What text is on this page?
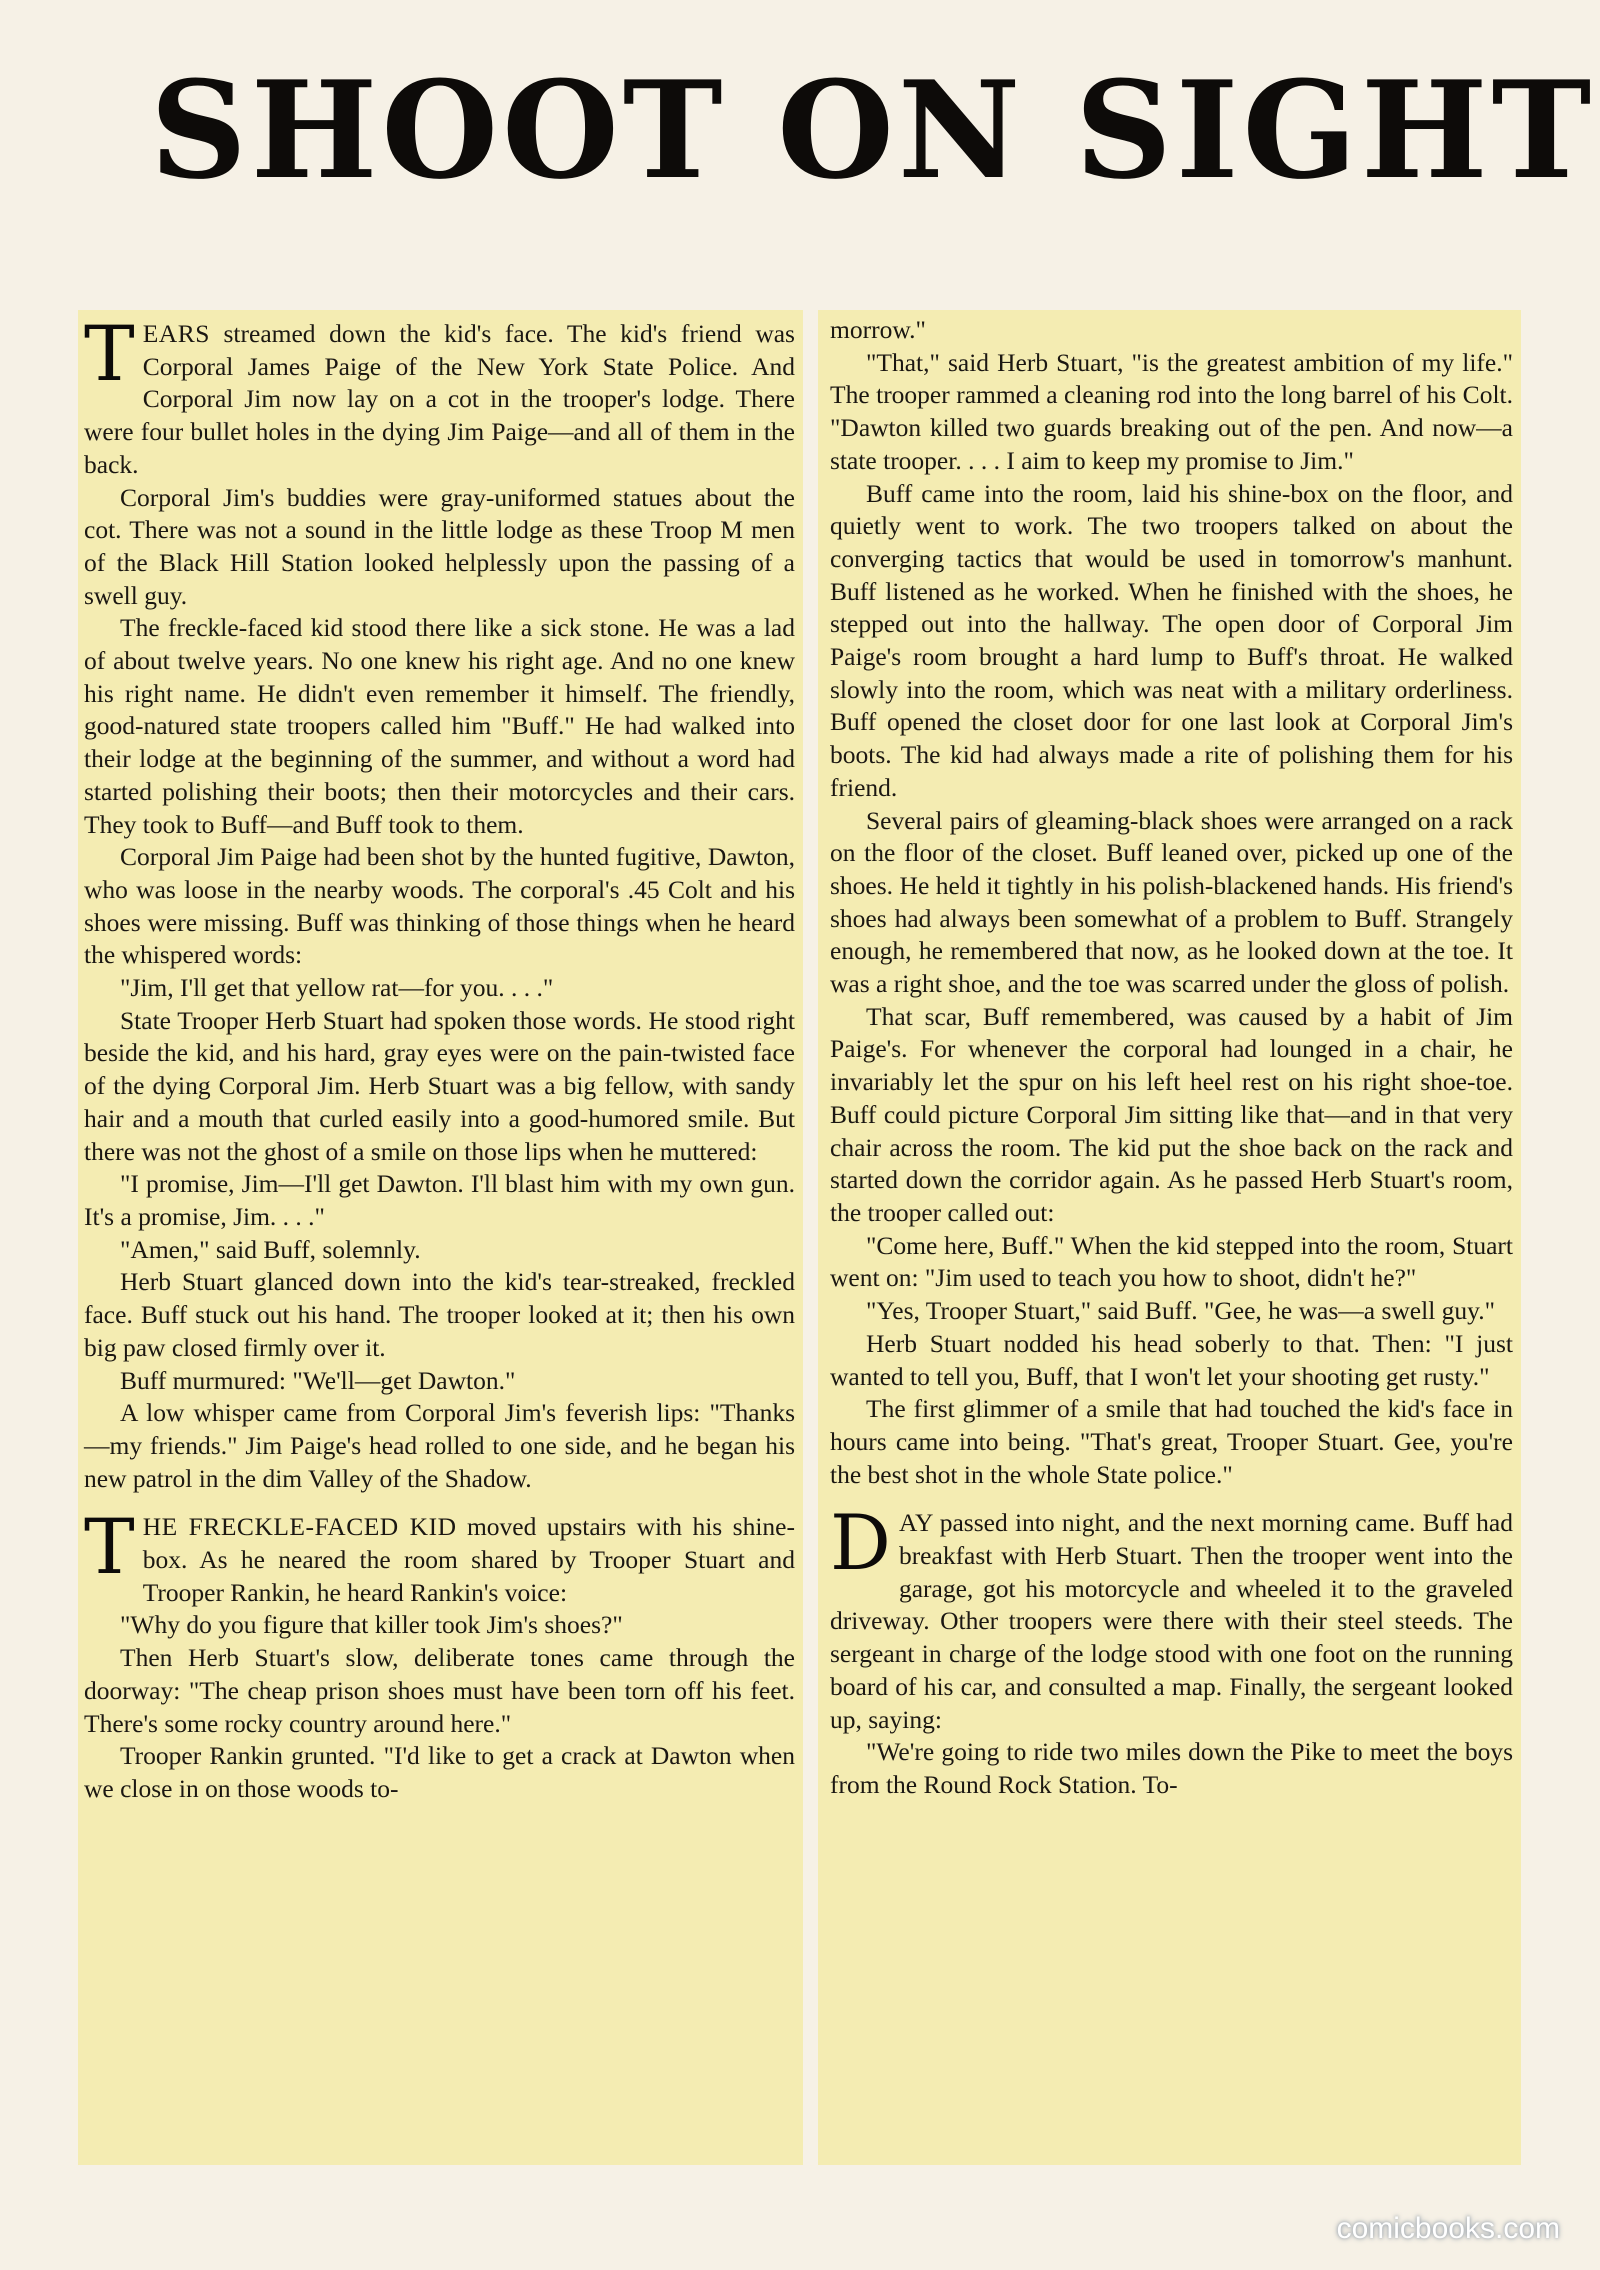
SHOOT ON SIGHT

TEARS streamed down the kid's face. The kid's friend was Corporal James Paige of the New York State Police. And Corporal Jim now lay on a cot in the trooper's lodge. There were four bullet holes in the dying Jim Paige—and all of them in the back.

Corporal Jim's buddies were gray-uniformed statues about the cot. There was not a sound in the little lodge as these Troop M men of the Black Hill Station looked helplessly upon the passing of a swell guy.

The freckle-faced kid stood there like a sick stone. He was a lad of about twelve years. No one knew his right age. And no one knew his right name. He didn't even remember it himself. The friendly, good-natured state troopers called him "Buff." He had walked into their lodge at the beginning of the summer, and without a word had started polishing their boots; then their motorcycles and their cars. They took to Buff—and Buff took to them.

Corporal Jim Paige had been shot by the hunted fugitive, Dawton, who was loose in the nearby woods. The corporal's .45 Colt and his shoes were missing. Buff was thinking of those things when he heard the whispered words:

"Jim, I'll get that yellow rat—for you. . . ."

State Trooper Herb Stuart had spoken those words. He stood right beside the kid, and his hard, gray eyes were on the pain-twisted face of the dying Corporal Jim. Herb Stuart was a big fellow, with sandy hair and a mouth that curled easily into a good-humored smile. But there was not the ghost of a smile on those lips when he muttered:

"I promise, Jim—I'll get Dawton. I'll blast him with my own gun. It's a promise, Jim. . . ."

"Amen," said Buff, solemnly.

Herb Stuart glanced down into the kid's tear-streaked, freckled face. Buff stuck out his hand. The trooper looked at it; then his own big paw closed firmly over it.

Buff murmured: "We'll—get Dawton."

A low whisper came from Corporal Jim's feverish lips: "Thanks—my friends." Jim Paige's head rolled to one side, and he began his new patrol in the dim Valley of the Shadow.

THE FRECKLE-FACED KID moved upstairs with his shine-box. As he neared the room shared by Trooper Stuart and Trooper Rankin, he heard Rankin's voice:

"Why do you figure that killer took Jim's shoes?"

Then Herb Stuart's slow, deliberate tones came through the doorway: "The cheap prison shoes must have been torn off his feet. There's some rocky country around here."

Trooper Rankin grunted. "I'd like to get a crack at Dawton when we close in on those woods to-

morrow."

"That," said Herb Stuart, "is the greatest ambition of my life." The trooper rammed a cleaning rod into the long barrel of his Colt. "Dawton killed two guards breaking out of the pen. And now—a state trooper. . . . I aim to keep my promise to Jim."

Buff came into the room, laid his shine-box on the floor, and quietly went to work. The two troopers talked on about the converging tactics that would be used in tomorrow's manhunt. Buff listened as he worked. When he finished with the shoes, he stepped out into the hallway. The open door of Corporal Jim Paige's room brought a hard lump to Buff's throat. He walked slowly into the room, which was neat with a military orderliness. Buff opened the closet door for one last look at Corporal Jim's boots. The kid had always made a rite of polishing them for his friend.

Several pairs of gleaming-black shoes were arranged on a rack on the floor of the closet. Buff leaned over, picked up one of the shoes. He held it tightly in his polish-blackened hands. His friend's shoes had always been somewhat of a problem to Buff. Strangely enough, he remembered that now, as he looked down at the toe. It was a right shoe, and the toe was scarred under the gloss of polish.

That scar, Buff remembered, was caused by a habit of Jim Paige's. For whenever the corporal had lounged in a chair, he invariably let the spur on his left heel rest on his right shoe-toe. Buff could picture Corporal Jim sitting like that—and in that very chair across the room. The kid put the shoe back on the rack and started down the corridor again. As he passed Herb Stuart's room, the trooper called out:

"Come here, Buff." When the kid stepped into the room, Stuart went on: "Jim used to teach you how to shoot, didn't he?"

"Yes, Trooper Stuart," said Buff. "Gee, he was—a swell guy."

Herb Stuart nodded his head soberly to that. Then: "I just wanted to tell you, Buff, that I won't let your shooting get rusty."

The first glimmer of a smile that had touched the kid's face in hours came into being. "That's great, Trooper Stuart. Gee, you're the best shot in the whole State police."

DAY passed into night, and the next morning came. Buff had breakfast with Herb Stuart. Then the trooper went into the garage, got his motorcycle and wheeled it to the graveled driveway. Other troopers were there with their steel steeds. The sergeant in charge of the lodge stood with one foot on the running board of his car, and consulted a map. Finally, the sergeant looked up, saying:

"We're going to ride two miles down the Pike to meet the boys from the Round Rock Station. To-

comicbooks.com
